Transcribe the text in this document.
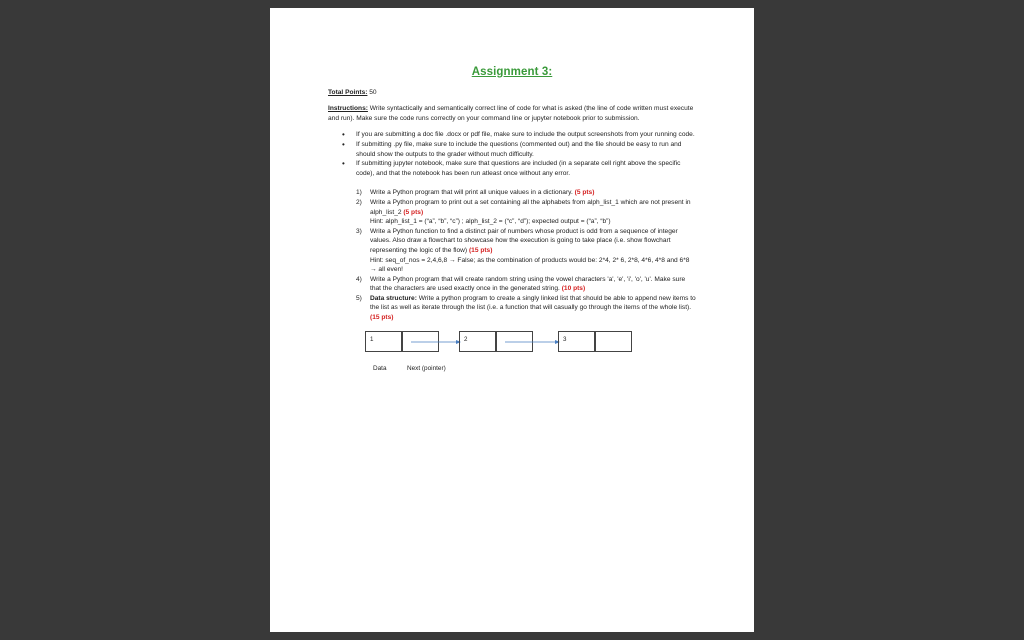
Assignment 3:
Total Points: 50
Instructions: Write syntactically and semantically correct line of code for what is asked (the line of code written must execute and run). Make sure the code runs correctly on your command line or jupyter notebook prior to submission.
• If you are submitting a doc file .docx or pdf file, make sure to include the output screenshots from your running code.
• If submitting .py file, make sure to include the questions (commented out) and the file should be easy to run and should show the outputs to the grader without much difficulty.
• If submitting jupyter notebook, make sure that questions are included (in a separate cell right above the specific code), and that the notebook has been run atleast once without any error.
1) Write a Python program that will print all unique values in a dictionary. (5 pts)
2) Write a Python program to print out a set containing all the alphabets from alph_list_1 which are not present in alph_list_2 (5 pts)
Hint: alph_list_1 = (“a”, “b”, “c”) ; alph_list_2 = (“c”, “d”); expected output = (“a”, “b”)
3) Write a Python function to find a distinct pair of numbers whose product is odd from a sequence of integer values. Also draw a flowchart to showcase how the execution is going to take place (i.e. show flowchart representing the logic of the flow) (15 pts)
Hint: seq_of_nos = 2,4,6,8 → False; as the combination of products would be: 2*4, 2* 6, 2*8, 4*6, 4*8 and 6*8 → all even!
4) Write a Python program that will create random string using the vowel characters 'a', 'e', 'i', 'o', 'u'. Make sure that the characters are used exactly once in the generated string. (10 pts)
5) Data structure: Write a python program to create a singly linked list that should be able to append new items to the list as well as iterate through the list (i.e. a function that will casually go through the items of the whole list). (15 pts)
1	2	3
Data	Next (pointer)
